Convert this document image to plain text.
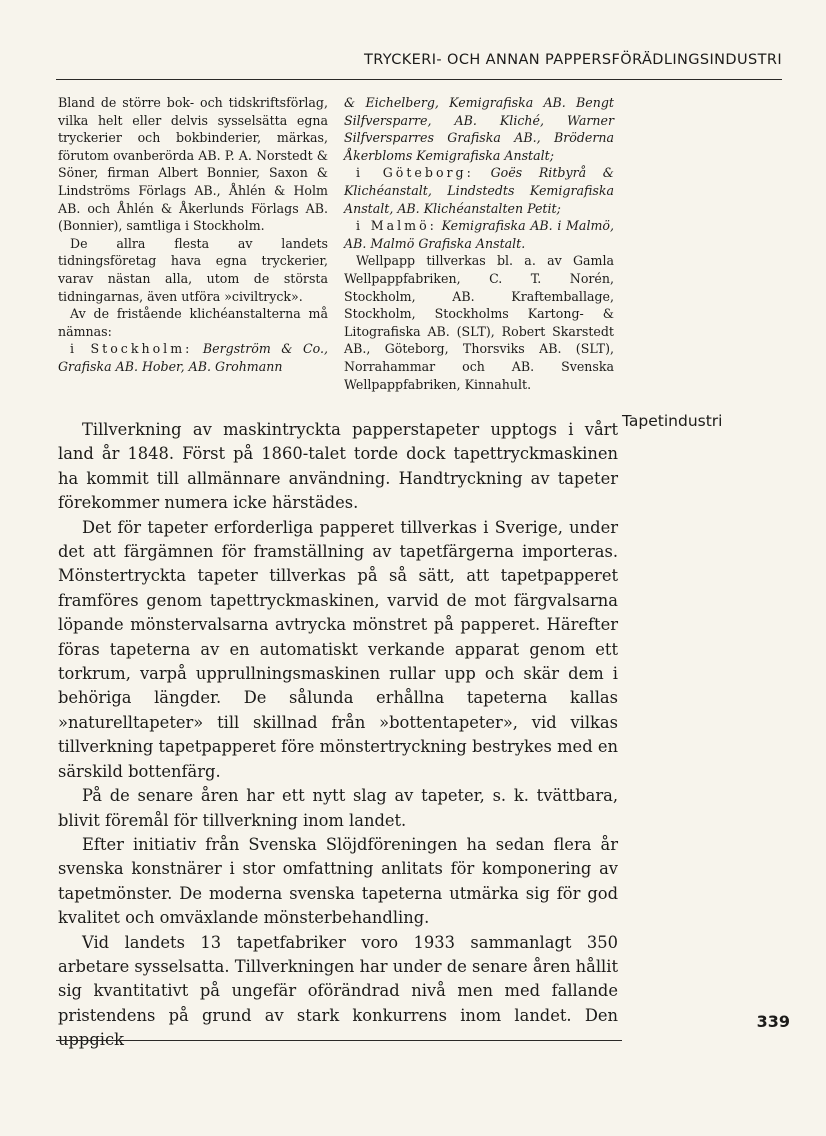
TRYCKERI- OCH ANNAN PAPPERSFÖRÄDLINGSINDUSTRI

Bland de större bok- och tidskriftsförlag, vilka helt eller delvis sysselsätta egna tryckerier och bokbinderier, märkas, förutom ovanberörda AB. P. A. Norstedt & Söner, firman Albert Bonnier, Saxon & Lindströms Förlags AB., Åhlén & Holm AB. och Åhlén & Åkerlunds Förlags AB. (Bonnier), samtliga i Stockholm.

De allra flesta av landets tidningsföretag hava egna tryckerier, varav nästan alla, utom de största tidningarnas, även utföra »civiltryck».

Av de fristående klichéanstalterna må nämnas:

i Stockholm: Bergström & Co., Grafiska AB. Hober, AB. Grohmann

& Eichelberg, Kemigrafiska AB. Bengt Silfversparre, AB. Kliché, Warner Silfversparres Grafiska AB., Bröderna Åkerbloms Kemigrafiska Anstalt;

i Göteborg: Goës Ritbyrå & Klichéanstalt, Lindstedts Kemigrafiska Anstalt, AB. Klichéanstalten Petit;

i Malmö: Kemigrafiska AB. i Malmö, AB. Malmö Grafiska Anstalt.

Wellpapp tillverkas bl. a. av Gamla Wellpappfabriken, C. T. Norén, Stockholm, AB. Kraftemballage, Stockholm, Stockholms Kartong- & Litografiska AB. (SLT), Robert Skarstedt AB., Göteborg, Thorsviks AB. (SLT), Norrahammar och AB. Svenska Wellpappfabriken, Kinnahult.

Tapetindustri

Tillverkning av maskintryckta papperstapeter upptogs i vårt land år 1848. Först på 1860-talet torde dock tapettryckmaskinen ha kommit till allmännare användning. Handtryckning av tapeter förekommer numera icke härstädes.

Det för tapeter erforderliga papperet tillverkas i Sverige, under det att färgämnen för framställning av tapetfärgerna importeras. Mönstertryckta tapeter tillverkas på så sätt, att tapetpapperet framföres genom tapettryckmaskinen, varvid de mot färgvalsarna löpande mönstervalsarna avtrycka mönstret på papperet. Härefter föras tapeterna av en automatiskt verkande apparat genom ett torkrum, varpå upprullningsmaskinen rullar upp och skär dem i behöriga längder. De sålunda erhållna tapeterna kallas »naturelltapeter» till skillnad från »bottentapeter», vid vilkas tillverkning tapetpapperet före mönstertryckning bestrykes med en särskild bottenfärg.

På de senare åren har ett nytt slag av tapeter, s. k. tvättbara, blivit föremål för tillverkning inom landet.

Efter initiativ från Svenska Slöjdföreningen ha sedan flera år svenska konstnärer i stor omfattning anlitats för komponering av tapetmönster. De moderna svenska tapeterna utmärka sig för god kvalitet och omväxlande mönsterbehandling.

Vid landets 13 tapetfabriker voro 1933 sammanlagt 350 arbetare sysselsatta. Tillverkningen har under de senare åren hållit sig kvantitativt på ungefär oförändrad nivå men med fallande pristendens på grund av stark konkurrens inom landet. Den uppgick

339
